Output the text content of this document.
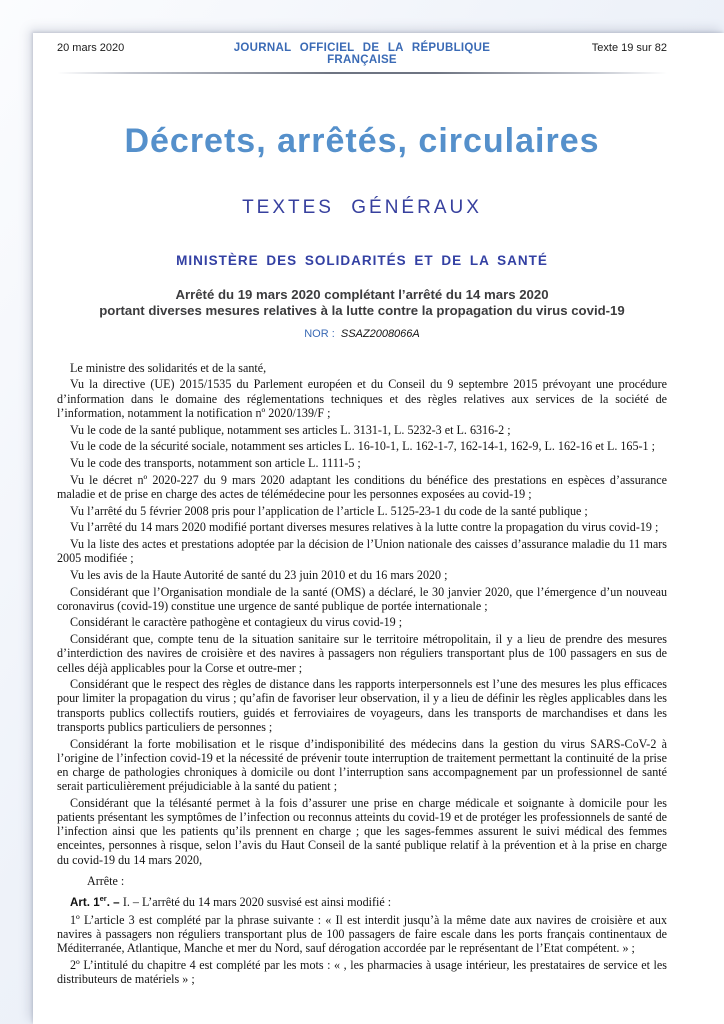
20 mars 2020	JOURNAL OFFICIEL DE LA RÉPUBLIQUE FRANÇAISE
Texte 19 sur 82
Décrets, arrêtés, circulaires
TEXTES GÉNÉRAUX
MINISTÈRE DES SOLIDARITÉS ET DE LA SANTÉ
Arrêté du 19 mars 2020 complétant l’arrêté du 14 mars 2020
portant diverses mesures relatives à la lutte contre la propagation du virus covid-19
NOR : SSAZ2008066A

Le ministre des solidarités et de la santé,

Vu la directive (UE) 2015/1535 du Parlement européen et du Conseil du 9 septembre 2015 prévoyant une procédure d’information dans le domaine des réglementations techniques et des règles relatives aux services de la société de l’information, notamment la notification nº 2020/139/F ;

Vu le code de la santé publique, notamment ses articles L. 3131-1, L. 5232-3 et L. 6316-2 ;

Vu le code de la sécurité sociale, notamment ses articles L. 16-10-1, L. 162-1-7, 162-14-1, 162-9, L. 162-16 et L. 165-1 ;

Vu le code des transports, notamment son article L. 1111-5 ;

Vu le décret nº 2020-227 du 9 mars 2020 adaptant les conditions du bénéfice des prestations en espèces d’assurance maladie et de prise en charge des actes de télémédecine pour les personnes exposées au covid-19 ;

Vu l’arrêté du 5 février 2008 pris pour l’application de l’article L. 5125-23-1 du code de la santé publique ;

Vu l’arrêté du 14 mars 2020 modifié portant diverses mesures relatives à la lutte contre la propagation du virus covid-19 ;

Vu la liste des actes et prestations adoptée par la décision de l’Union nationale des caisses d’assurance maladie du 11 mars 2005 modifiée ;

Vu les avis de la Haute Autorité de santé du 23 juin 2010 et du 16 mars 2020 ;

Considérant que l’Organisation mondiale de la santé (OMS) a déclaré, le 30 janvier 2020, que l’émergence d’un nouveau coronavirus (covid-19) constitue une urgence de santé publique de portée internationale ;

Considérant le caractère pathogène et contagieux du virus covid-19 ;

Considérant que, compte tenu de la situation sanitaire sur le territoire métropolitain, il y a lieu de prendre des mesures d’interdiction des navires de croisière et des navires à passagers non réguliers transportant plus de 100 passagers en sus de celles déjà applicables pour la Corse et outre-mer ;

Considérant que le respect des règles de distance dans les rapports interpersonnels est l’une des mesures les plus efficaces pour limiter la propagation du virus ; qu’afin de favoriser leur observation, il y a lieu de définir les règles applicables dans les transports publics collectifs routiers, guidés et ferroviaires de voyageurs, dans les transports de marchandises et dans les transports publics particuliers de personnes ;

Considérant la forte mobilisation et le risque d’indisponibilité des médecins dans la gestion du virus SARS-CoV-2 à l’origine de l’infection covid-19 et la nécessité de prévenir toute interruption de traitement permettant la continuité de la prise en charge de pathologies chroniques à domicile ou dont l’interruption sans accompagnement par un professionnel de santé serait particulièrement préjudiciable à la santé du patient ;

Considérant que la télésanté permet à la fois d’assurer une prise en charge médicale et soignante à domicile pour les patients présentant les symptômes de l’infection ou reconnus atteints du covid-19 et de protéger les professionnels de santé de l’infection ainsi que les patients qu’ils prennent en charge ; que les sages-femmes assurent le suivi médical des femmes enceintes, personnes à risque, selon l’avis du Haut Conseil de la santé publique relatif à la prévention et à la prise en charge du covid-19 du 14 mars 2020,

Arrête :

Art. 1er. – I. – L’arrêté du 14 mars 2020 susvisé est ainsi modifié :

1º L’article 3 est complété par la phrase suivante : « Il est interdit jusqu’à la même date aux navires de croisière et aux navires à passagers non réguliers transportant plus de 100 passagers de faire escale dans les ports français continentaux de Méditerranée, Atlantique, Manche et mer du Nord, sauf dérogation accordée par le représentant de l’Etat compétent. » ;

2º L’intitulé du chapitre 4 est complété par les mots : « , les pharmacies à usage intérieur, les prestataires de service et les distributeurs de matériels » ;
